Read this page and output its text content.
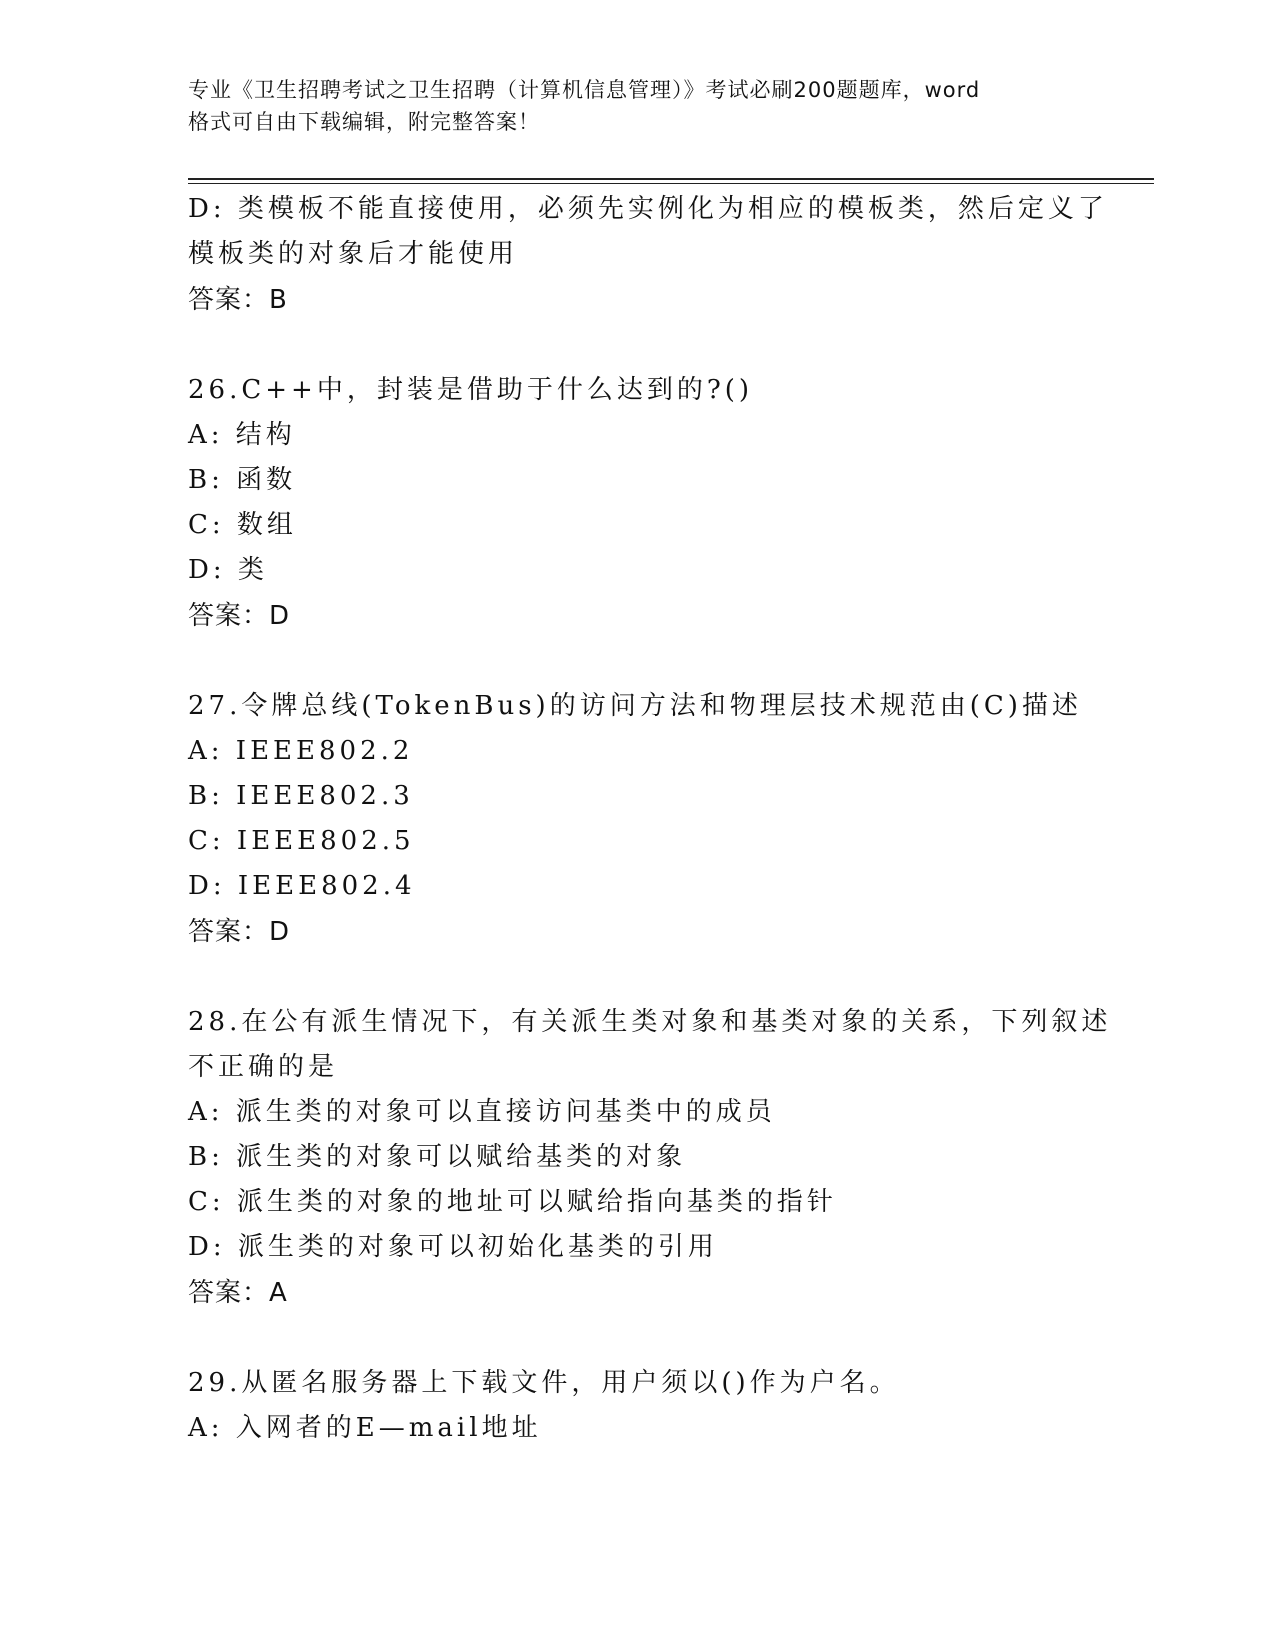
专业《卫生招聘考试之卫生招聘（计算机信息管理）》考试必刷200题题库，word
格式可自由下载编辑，附完整答案！
D: 类模板不能直接使用，必须先实例化为相应的模板类，然后定义了
模板类的对象后才能使用
答案：B
26.C++中，封装是借助于什么达到的?()
A: 结构
B: 函数
C: 数组
D: 类
答案：D
27.令牌总线(TokenBus)的访问方法和物理层技术规范由(C)描述
A: IEEE802.2
B: IEEE802.3
C: IEEE802.5
D: IEEE802.4
答案：D
28.在公有派生情况下，有关派生类对象和基类对象的关系，下列叙述
不正确的是
A: 派生类的对象可以直接访问基类中的成员
B: 派生类的对象可以赋给基类的对象
C: 派生类的对象的地址可以赋给指向基类的指针
D: 派生类的对象可以初始化基类的引用
答案：A
29.从匿名服务器上下载文件，用户须以()作为户名。
A: 入网者的E—mail地址
